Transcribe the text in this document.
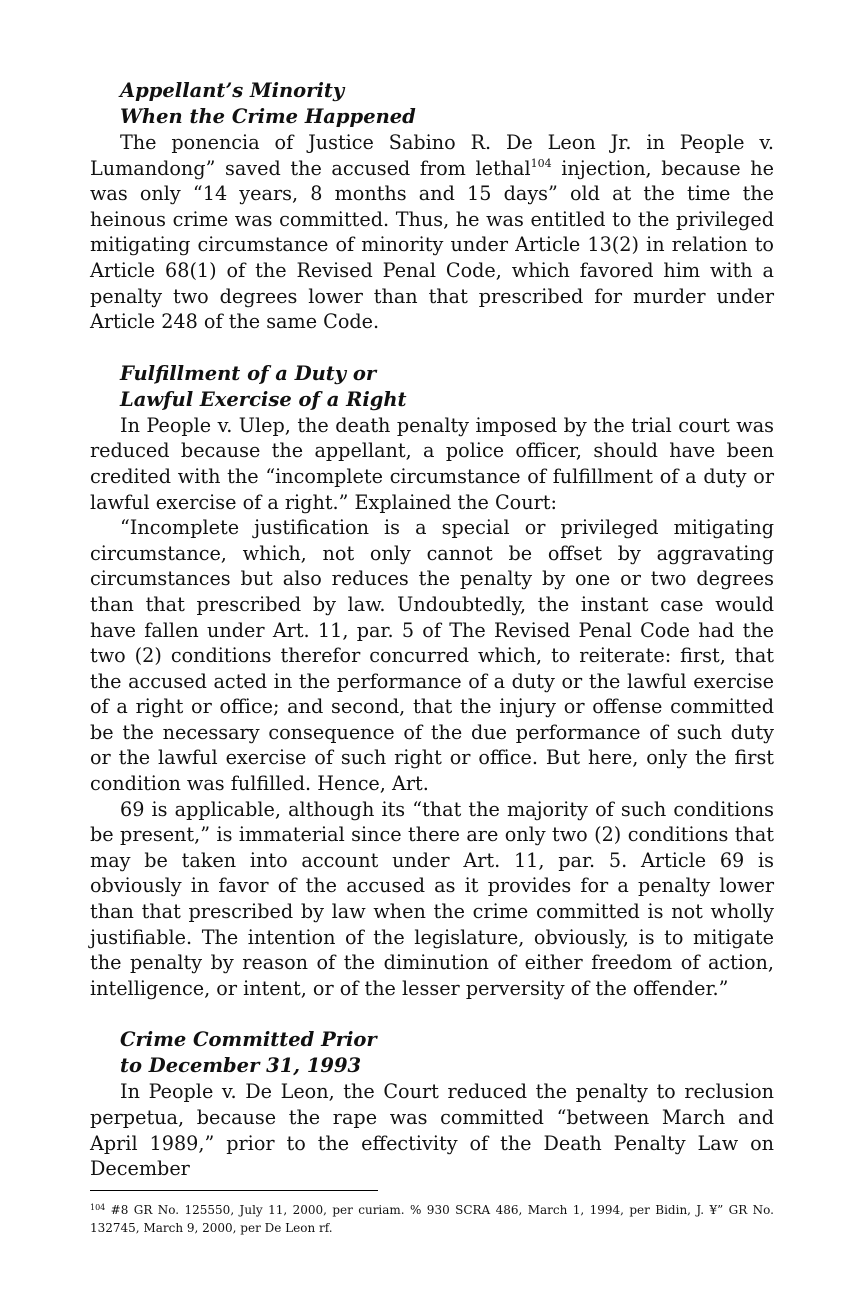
Appellant’s Minority
When the Crime Happened

The ponencia of Justice Sabino R. De Leon Jr. in People v. Lumandong” saved the accused from lethal$^{104}$ injection, because he was only “14 years, 8 months and 15 days” old at the time the heinous crime was committed. Thus, he was entitled to the privileged mitigating circumstance of minority under Article 13(2) in relation to Article 68(1) of the Revised Penal Code, which favored him with a penalty two degrees lower than that prescribed for murder under Article 248 of the same Code.

Fulfillment of a Duty or
Lawful Exercise of a Right

In People v. Ulep, the death penalty imposed by the trial court was reduced because the appellant, a police officer, should have been credited with the “incomplete circumstance of fulfillment of a duty or lawful exercise of a right.” Explained the Court:

“Incomplete justification is a special or privileged mitigating circumstance, which, not only cannot be offset by aggravating circumstances but also reduces the penalty by one or two degrees than that prescribed by law. Undoubtedly, the instant case would have fallen under Art. 11, par. 5 of The Revised Penal Code had the two (2) conditions therefor concurred which, to reiterate: first, that the accused acted in the performance of a duty or the lawful exercise of a right or office; and second, that the injury or offense committed be the necessary consequence of the due performance of such duty or the lawful exercise of such right or office. But here, only the first condition was fulfilled. Hence, Art.

69 is applicable, although its “that the majority of such conditions be present,” is immaterial since there are only two (2) conditions that may be taken into account under Art. 11, par. 5. Article 69 is obviously in favor of the accused as it provides for a penalty lower than that prescribed by law when the crime committed is not wholly justifiable. The intention of the legislature, obviously, is to mitigate the penalty by reason of the diminution of either freedom of action, intelligence, or intent, or of the lesser perversity of the offender.”

Crime Committed Prior
to December 31, 1993

In People v. De Leon, the Court reduced the penalty to reclusion perpetua, because the rape was committed “between March and April 1989,” prior to the effectivity of the Death Penalty Law on December

$^{104}$ #8 GR No. 125550, July 11, 2000, per curiam. % 930 SCRA 486, March 1, 1994, per Bidin, J. ¥” GR No. 132745, March 9, 2000, per De Leon rf.
